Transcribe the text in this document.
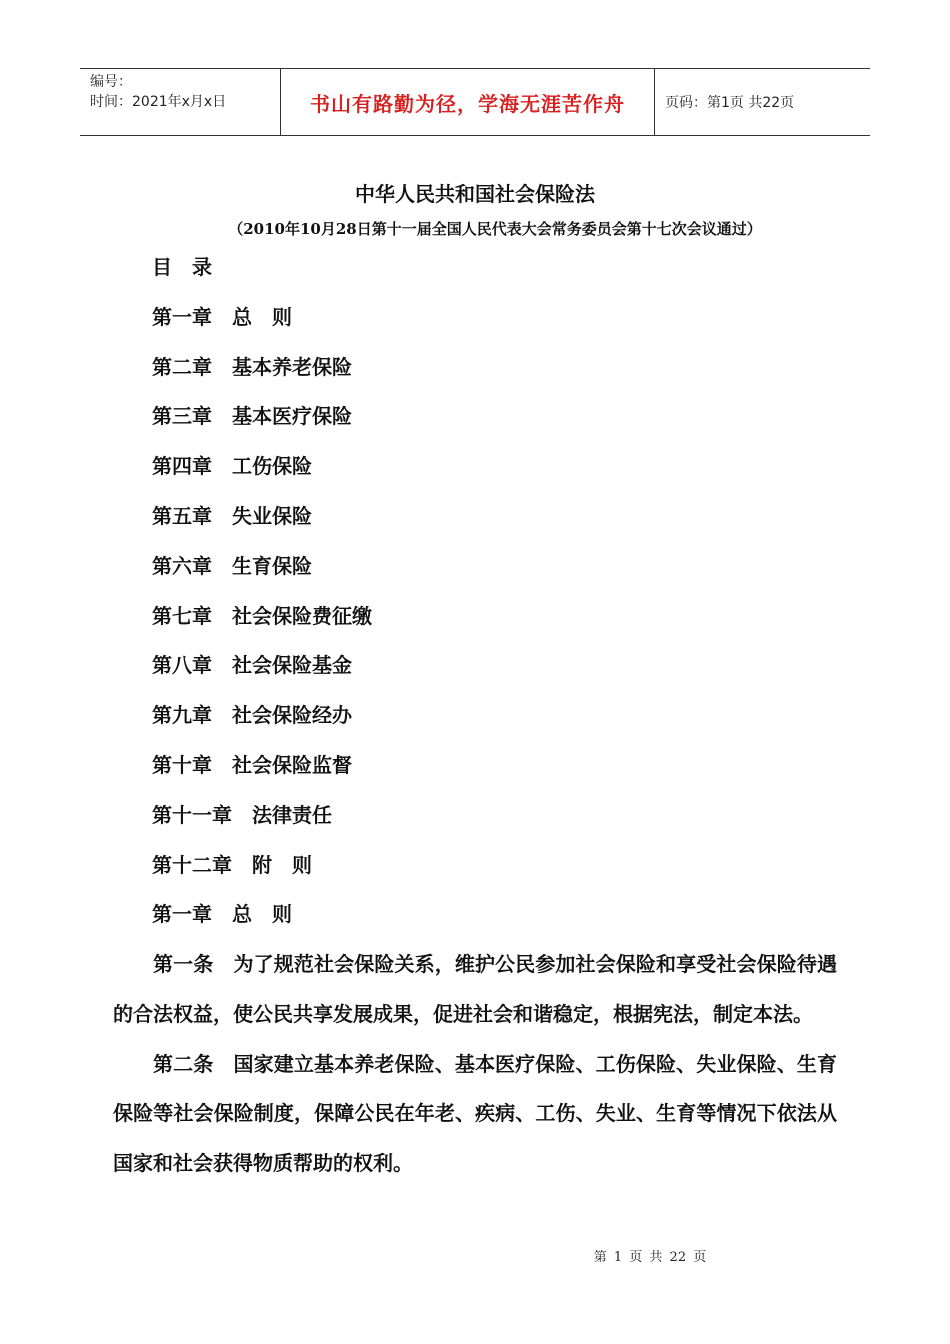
编号：
时间：2021年x月x日	书山有路勤为径，学海无涯苦作舟	页码：第1页 共22页
中华人民共和国社会保险法
（2010年10月28日第十一届全国人民代表大会常务委员会第十七次会议通过）
目　录
第一章　总　则
第二章　基本养老保险
第三章　基本医疗保险
第四章　工伤保险
第五章　失业保险
第六章　生育保险
第七章　社会保险费征缴
第八章　社会保险基金
第九章　社会保险经办
第十章　社会保险监督
第十一章　法律责任
第十二章　附　则
第一章　总　则

第一条　为了规范社会保险关系，维护公民参加社会保险和享受社会保险待遇的合法权益，使公民共享发展成果，促进社会和谐稳定，根据宪法，制定本法。

第二条　国家建立基本养老保险、基本医疗保险、工伤保险、失业保险、生育保险等社会保险制度，保障公民在年老、疾病、工伤、失业、生育等情况下依法从国家和社会获得物质帮助的权利。

第 1 页 共 22 页
